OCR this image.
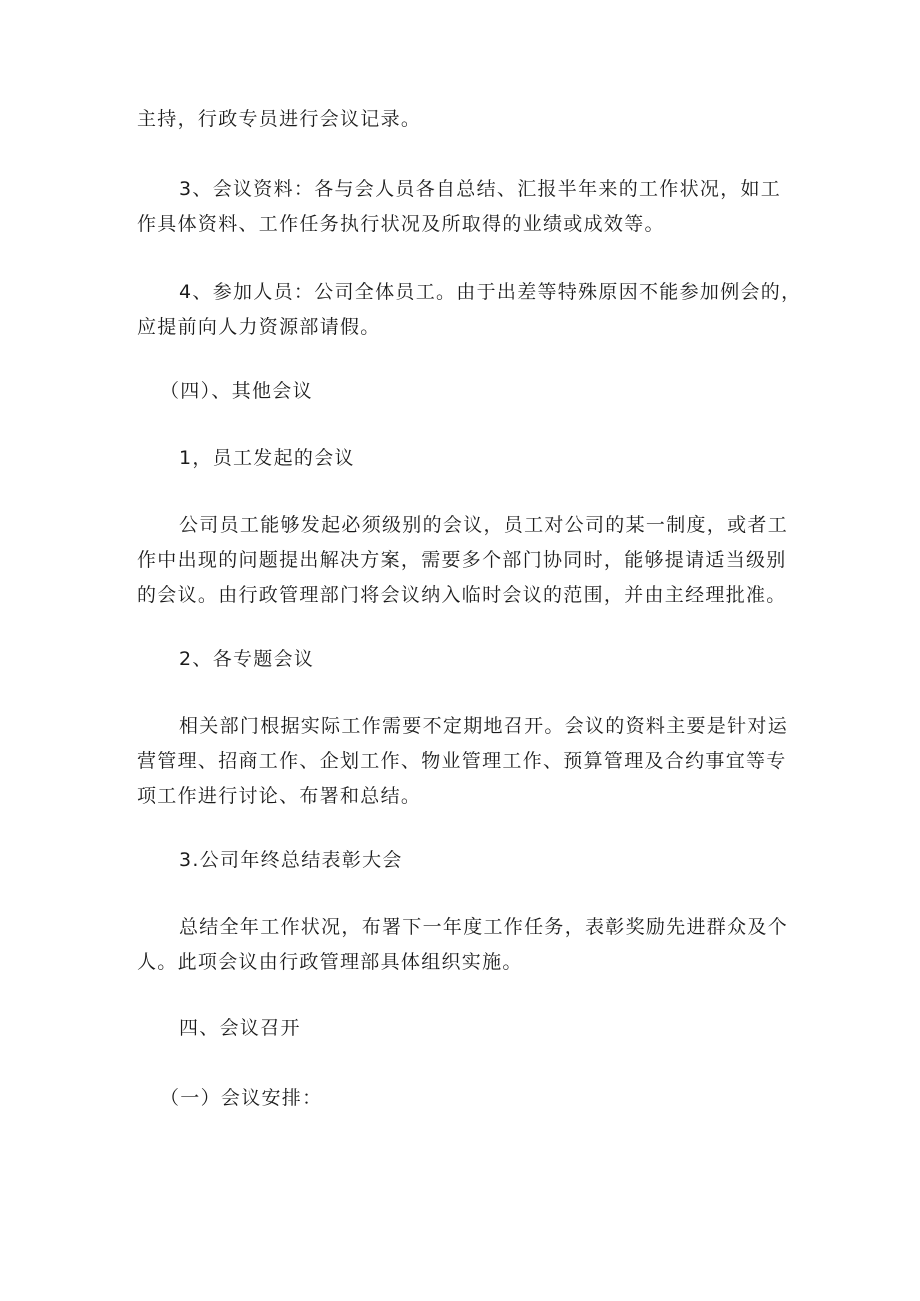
主持，行政专员进行会议记录。

3、会议资料：各与会人员各自总结、汇报半年来的工作状况，如工
作具体资料、工作任务执行状况及所取得的业绩或成效等。

4、参加人员：公司全体员工。由于出差等特殊原因不能参加例会的，
应提前向人力资源部请假。

（四）、其他会议

1，员工发起的会议

公司员工能够发起必须级别的会议，员工对公司的某一制度，或者工
作中出现的问题提出解决方案，需要多个部门协同时，能够提请适当级别
的会议。由行政管理部门将会议纳入临时会议的范围，并由主经理批准。

2、各专题会议

相关部门根据实际工作需要不定期地召开。会议的资料主要是针对运
营管理、招商工作、企划工作、物业管理工作、预算管理及合约事宜等专
项工作进行讨论、布署和总结。

3.公司年终总结表彰大会

总结全年工作状况，布署下一年度工作任务，表彰奖励先进群众及个
人。此项会议由行政管理部具体组织实施。

四、会议召开

（一）会议安排：
